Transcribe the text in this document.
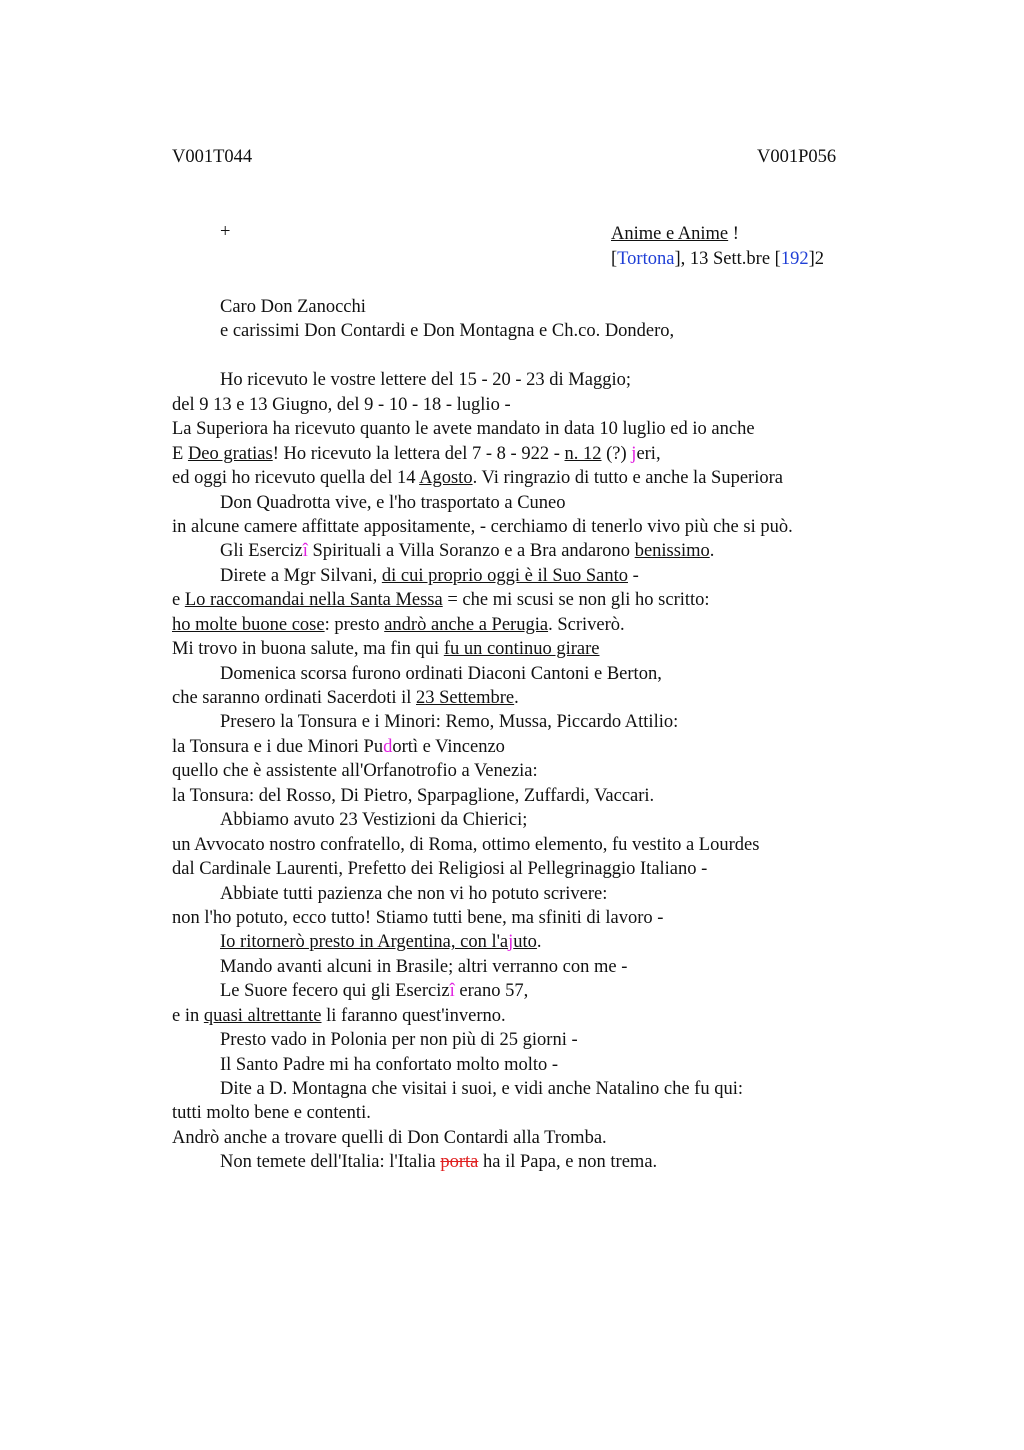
V001T044	V001P056
+	Anime e Anime !
[Tortona], 13 Sett.bre [192]2
Caro Don Zanocchi
e carissimi Don Contardi e Don Montagna e Ch.co. Dondero,
Ho ricevuto le vostre lettere del 15 - 20 - 23 di Maggio;
del 9 13 e 13 Giugno, del 9 - 10 - 18 - luglio -
La Superiora ha ricevuto quanto le avete mandato in data 10 luglio ed io anche
E Deo gratias! Ho ricevuto la lettera del 7 - 8 - 922 - n. 12 (?) jeri,
ed oggi ho ricevuto quella del 14 Agosto. Vi ringrazio di tutto e anche la Superiora
Don Quadrotta vive, e l'ho trasportato a Cuneo
in alcune camere affittate appositamente, - cerchiamo di tenerlo vivo più che si può.
Gli Esercizî Spirituali a Villa Soranzo e a Bra andarono benissimo.
Direte a Mgr Silvani, di cui proprio oggi è il Suo Santo -
e Lo raccomandai nella Santa Messa = che mi scusi se non gli ho scritto:
ho molte buone cose: presto andrò anche a Perugia. Scriverò.
Mi trovo in buona salute, ma fin qui fu un continuo girare
Domenica scorsa furono ordinati Diaconi Cantoni e Berton,
che saranno ordinati Sacerdoti il 23 Settembre.
Presero la Tonsura e i Minori: Remo, Mussa, Piccardo Attilio:
la Tonsura e i due Minori Pudortì e Vincenzo
quello che è assistente all'Orfanotrofio a Venezia:
la Tonsura: del Rosso, Di Pietro, Sparpaglione, Zuffardi, Vaccari.
Abbiamo avuto 23 Vestizioni da Chierici;
un Avvocato nostro confratello, di Roma, ottimo elemento, fu vestito a Lourdes
dal Cardinale Laurenti, Prefetto dei Religiosi al Pellegrinaggio Italiano -
Abbiate tutti pazienza che non vi ho potuto scrivere:
non l'ho potuto, ecco tutto! Stiamo tutti bene, ma sfiniti di lavoro -
Io ritornerò presto in Argentina, con l'ajuto.
Mando avanti alcuni in Brasile; altri verranno con me -
Le Suore fecero qui gli Esercizî erano 57,
e in quasi altrettante li faranno quest'inverno.
Presto vado in Polonia per non più di 25 giorni -
Il Santo Padre mi ha confortato molto molto -
Dite a D. Montagna che visitai i suoi, e vidi anche Natalino che fu qui:
tutti molto bene e contenti.
Andrò anche a trovare quelli di Don Contardi alla Tromba.
Non temete dell'Italia: l'Italia porta ha il Papa, e non trema.
